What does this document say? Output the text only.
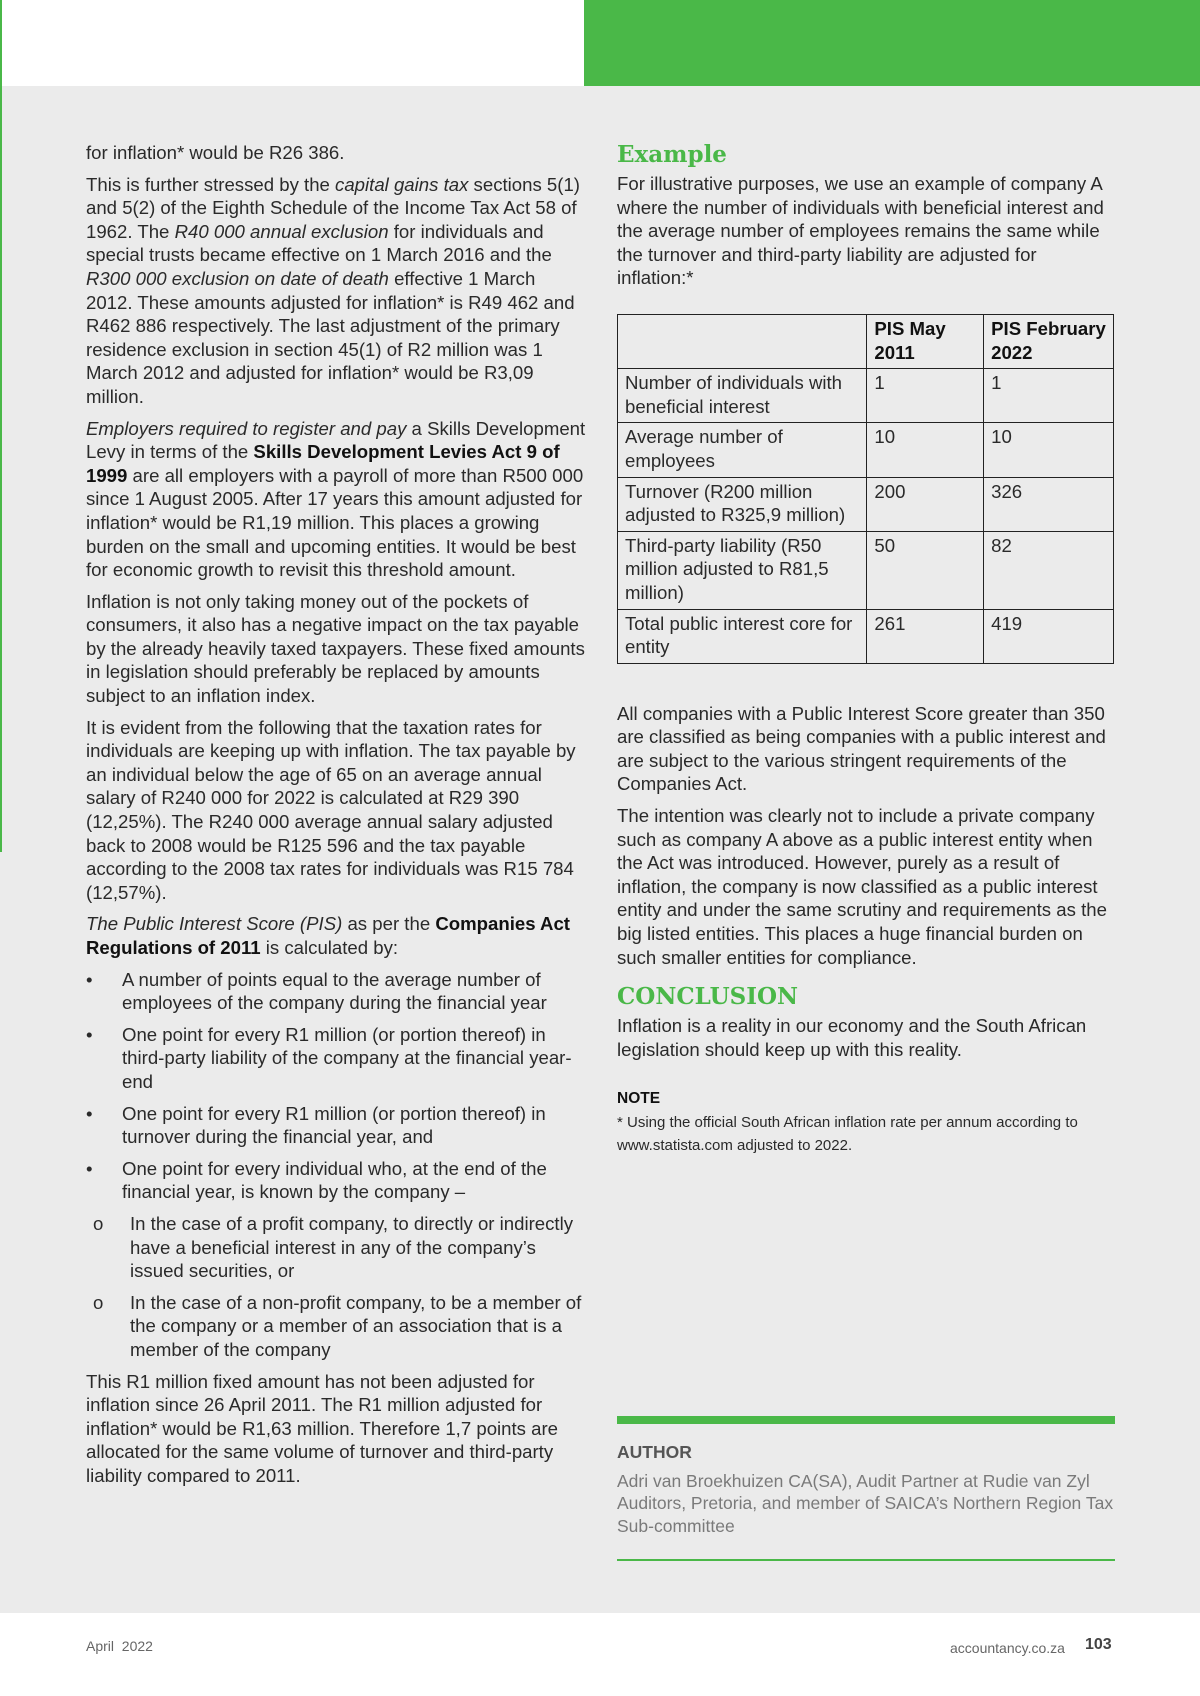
for inflation* would be R26 386.

This is further stressed by the capital gains tax sections 5(1) and 5(2) of the Eighth Schedule of the Income Tax Act 58 of 1962. The R40 000 annual exclusion for individuals and special trusts became effective on 1 March 2016 and the R300 000 exclusion on date of death effective 1 March 2012. These amounts adjusted for inflation* is R49 462 and R462 886 respectively. The last adjustment of the primary residence exclusion in section 45(1) of R2 million was 1 March 2012 and adjusted for inflation* would be R3,09 million.

Employers required to register and pay a Skills Development Levy in terms of the Skills Development Levies Act 9 of 1999 are all employers with a payroll of more than R500 000 since 1 August 2005. After 17 years this amount adjusted for inflation* would be R1,19 million. This places a growing burden on the small and upcoming entities. It would be best for economic growth to revisit this threshold amount.

Inflation is not only taking money out of the pockets of consumers, it also has a negative impact on the tax payable by the already heavily taxed taxpayers. These fixed amounts in legislation should preferably be replaced by amounts subject to an inflation index.

It is evident from the following that the taxation rates for individuals are keeping up with inflation. The tax payable by an individual below the age of 65 on an average annual salary of R240 000 for 2022 is calculated at R29 390 (12,25%). The R240 000 average annual salary adjusted back to 2008 would be R125 596 and the tax payable according to the 2008 tax rates for individuals was R15 784 (12,57%).

The Public Interest Score (PIS) as per the Companies Act Regulations of 2011 is calculated by:

• A number of points equal to the average number of employees of the company during the financial year
• One point for every R1 million (or portion thereof) in third-party liability of the company at the financial year-end
• One point for every R1 million (or portion thereof) in turnover during the financial year, and
• One point for every individual who, at the end of the financial year, is known by the company –
o In the case of a profit company, to directly or indirectly have a beneficial interest in any of the company’s issued securities, or
o In the case of a non-profit company, to be a member of the company or a member of an association that is a member of the company

This R1 million fixed amount has not been adjusted for inflation since 26 April 2011. The R1 million adjusted for inflation* would be R1,63 million. Therefore 1,7 points are allocated for the same volume of turnover and third-party liability compared to 2011.

Example

For illustrative purposes, we use an example of company A where the number of individuals with beneficial interest and the average number of employees remains the same while the turnover and third-party liability are adjusted for inflation:*

	PIS May 2011	PIS February 2022
Number of individuals with beneficial interest	1	1
Average number of employees	10	10
Turnover (R200 million adjusted to R325,9 million)	200	326
Third-party liability (R50 million adjusted to R81,5 million)	50	82
Total public interest core for entity	261	419

All companies with a Public Interest Score greater than 350 are classified as being companies with a public interest and are subject to the various stringent requirements of the Companies Act.

The intention was clearly not to include a private company such as company A above as a public interest entity when the Act was introduced. However, purely as a result of inflation, the company is now classified as a public interest entity and under the same scrutiny and requirements as the big listed entities. This places a huge financial burden on such smaller entities for compliance.

CONCLUSION

Inflation is a reality in our economy and the South African legislation should keep up with this reality.

NOTE
* Using the official South African inflation rate per annum according to www.statista.com adjusted to 2022.
AUTHOR
Adri van Broekhuizen CA(SA), Audit Partner at Rudie van Zyl Auditors, Pretoria, and member of SAICA’s Northern Region Tax Sub-committee
April  2022	accountancy.co.za 103
